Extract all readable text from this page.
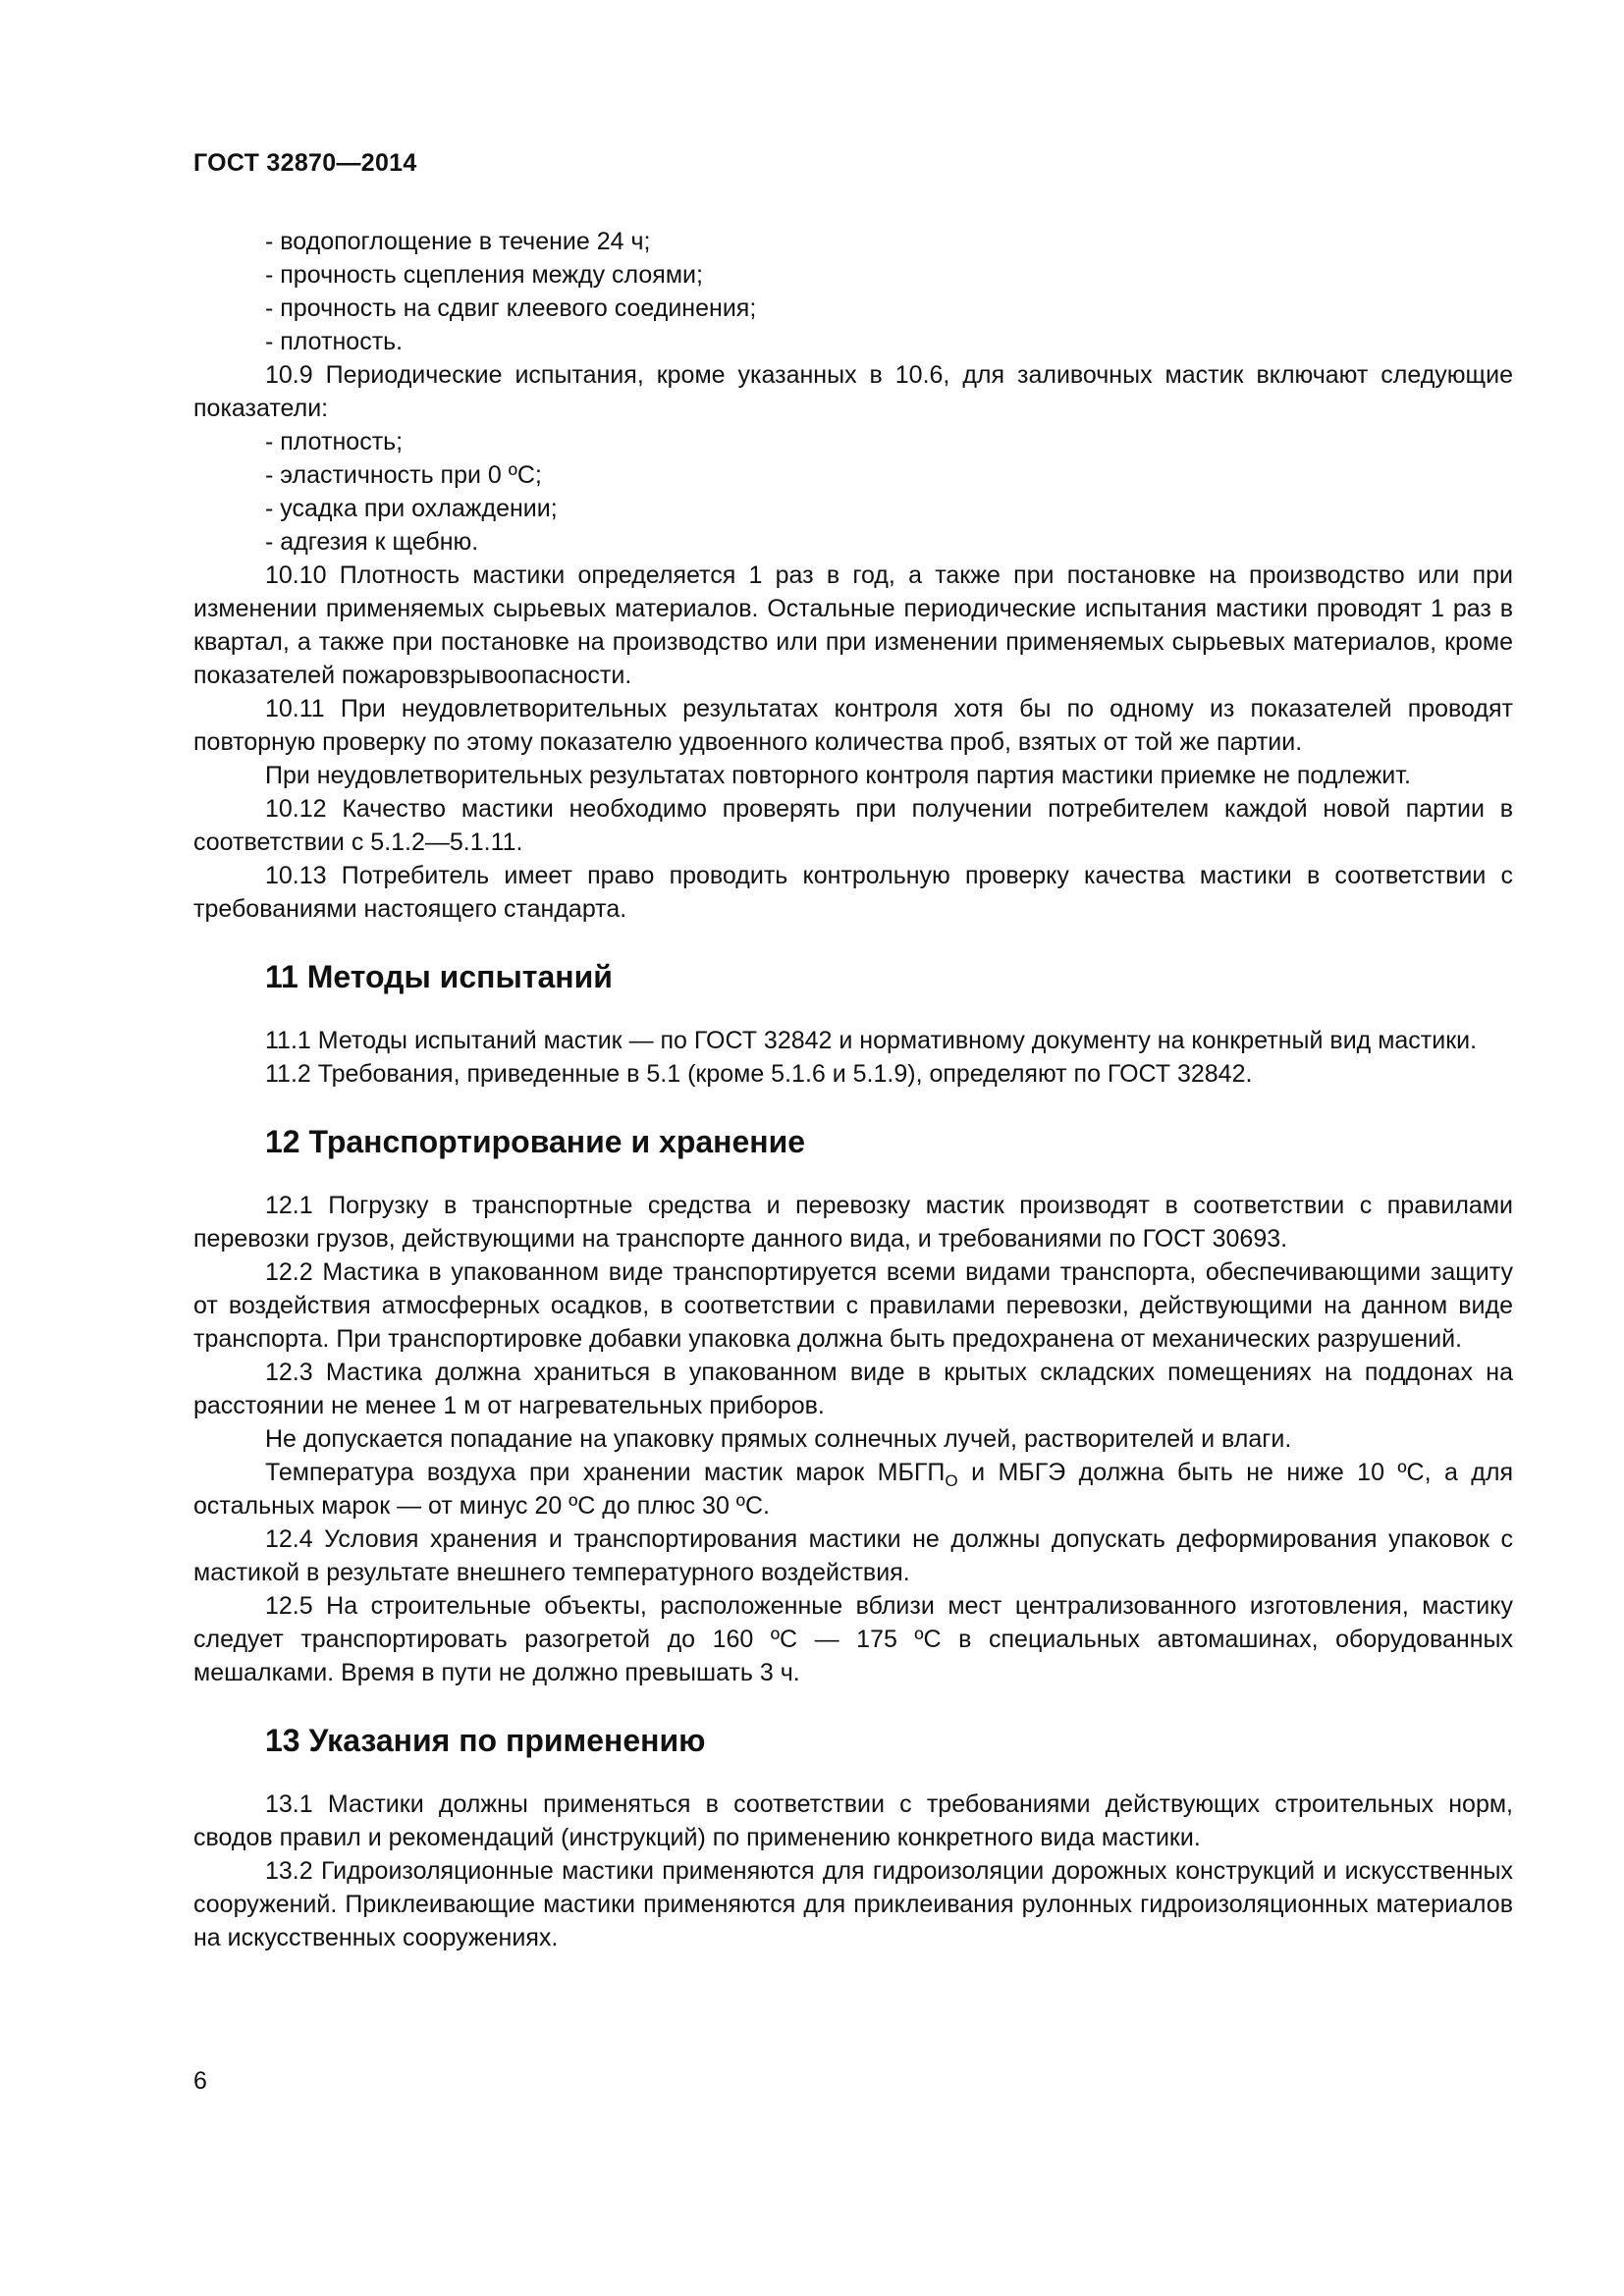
ГОСТ 32870—2014

- водопоглощение в течение 24 ч;

- прочность сцепления между слоями;

- прочность на сдвиг клеевого соединения;

- плотность.

10.9 Периодические испытания, кроме указанных в 10.6, для заливочных мастик включают следующие показатели:

- плотность;

- эластичность при 0 ºС;

- усадка при охлаждении;

- адгезия к щебню.

10.10 Плотность мастики определяется 1 раз в год, а также при постановке на производство или при изменении применяемых сырьевых материалов. Остальные периодические испытания мастики проводят 1 раз в квартал, а также при постановке на производство или при изменении применяемых сырьевых материалов, кроме показателей пожаровзрывоопасности.

10.11 При неудовлетворительных результатах контроля хотя бы по одному из показателей проводят повторную проверку по этому показателю удвоенного количества проб, взятых от той же партии.

При неудовлетворительных результатах повторного контроля партия мастики приемке не подлежит.

10.12 Качество мастики необходимо проверять при получении потребителем каждой новой партии в соответствии с 5.1.2—5.1.11.

10.13 Потребитель имеет право проводить контрольную проверку качества мастики в соответствии с требованиями настоящего стандарта.

11 Методы испытаний

11.1 Методы испытаний мастик — по ГОСТ 32842 и нормативному документу на конкретный вид мастики.

11.2 Требования, приведенные в 5.1 (кроме 5.1.6 и 5.1.9), определяют по ГОСТ 32842.

12 Транспортирование и хранение

12.1 Погрузку в транспортные средства и перевозку мастик производят в соответствии с правилами перевозки грузов, действующими на транспорте данного вида, и требованиями по ГОСТ 30693.

12.2 Мастика в упакованном виде транспортируется всеми видами транспорта, обеспечивающими защиту от воздействия атмосферных осадков, в соответствии с правилами перевозки, действующими на данном виде транспорта. При транспортировке добавки упаковка должна быть предохранена от механических разрушений.

12.3 Мастика должна храниться в упакованном виде в крытых складских помещениях на поддонах на расстоянии не менее 1 м от нагревательных приборов.

Не допускается попадание на упаковку прямых солнечных лучей, растворителей и влаги.

Температура воздуха при хранении мастик марок $МБГП_О$ и МБГЭ должна быть не ниже 10 ºС, а для остальных марок — от минус 20 ºС до плюс 30 ºС.

12.4 Условия хранения и транспортирования мастики не должны допускать деформирования упаковок с мастикой в результате внешнего температурного воздействия.

12.5 На строительные объекты, расположенные вблизи мест централизованного изготовления, мастику следует транспортировать разогретой до 160 ºС — 175 ºС в специальных автомашинах, оборудованных мешалками. Время в пути не должно превышать 3 ч.

13 Указания по применению

13.1 Мастики должны применяться в соответствии с требованиями действующих строительных норм, сводов правил и рекомендаций (инструкций) по применению конкретного вида мастики.

13.2 Гидроизоляционные мастики применяются для гидроизоляции дорожных конструкций и искусственных сооружений. Приклеивающие мастики применяются для приклеивания рулонных гидроизоляционных материалов на искусственных сооружениях.

6
